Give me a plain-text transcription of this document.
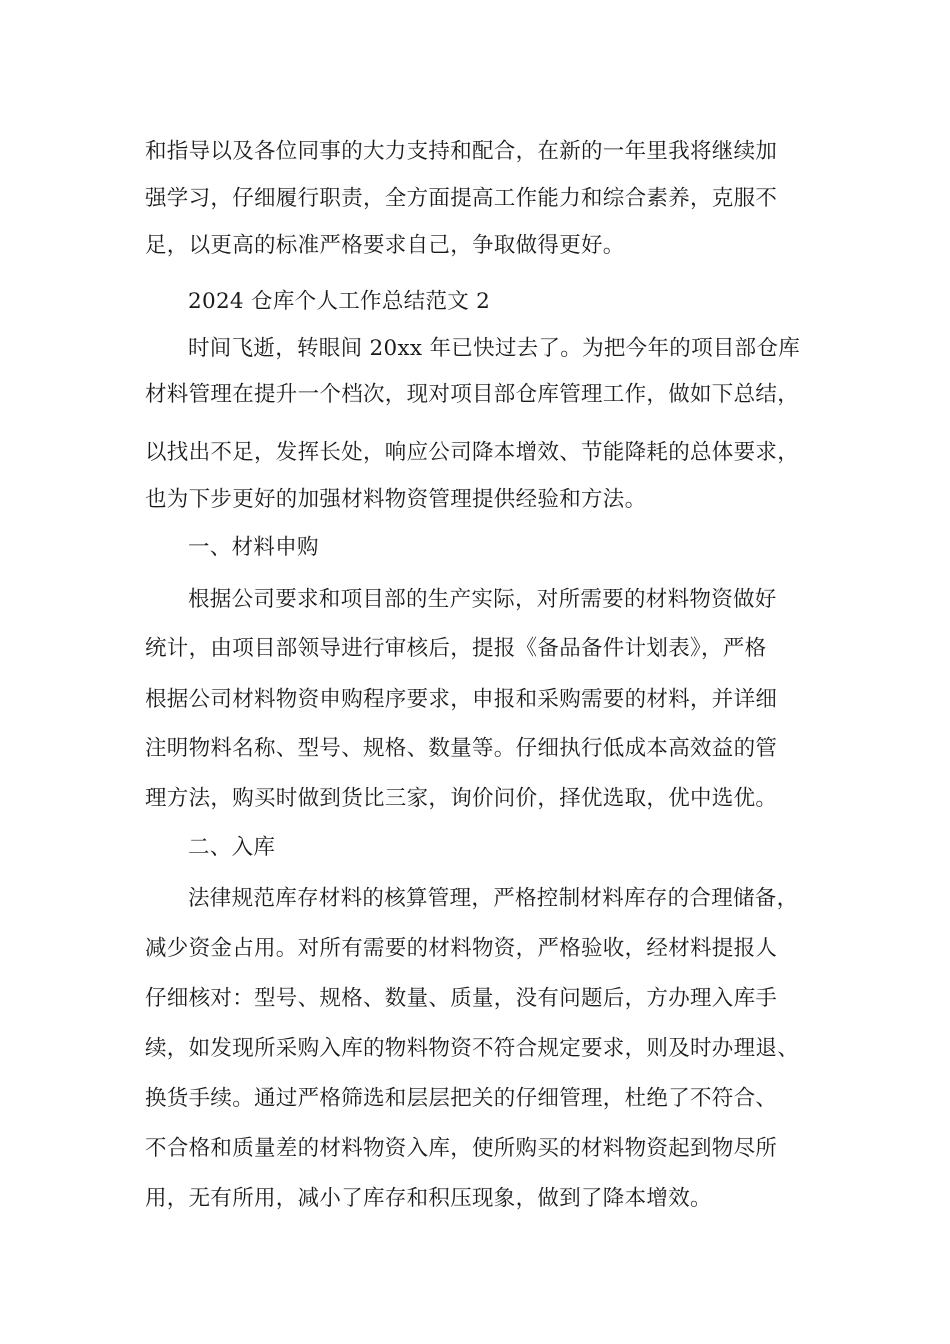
和指导以及各位同事的大力支持和配合，在新的一年里我将继续加
强学习，仔细履行职责，全方面提高工作能力和综合素养，克服不
足，以更高的标准严格要求自己，争取做得更好。
2024 仓库个人工作总结范文 2
时间飞逝，转眼间 20xx 年已快过去了。为把今年的项目部仓库
材料管理在提升一个档次，现对项目部仓库管理工作，做如下总结，
以找出不足，发挥长处，响应公司降本增效、节能降耗的总体要求，
也为下步更好的加强材料物资管理提供经验和方法。
一、材料申购
根据公司要求和项目部的生产实际，对所需要的材料物资做好
统计，由项目部领导进行审核后，提报《备品备件计划表》，严格
根据公司材料物资申购程序要求，申报和采购需要的材料，并详细
注明物料名称、型号、规格、数量等。仔细执行低成本高效益的管
理方法，购买时做到货比三家，询价问价，择优选取，优中选优。
二、入库
法律规范库存材料的核算管理，严格控制材料库存的合理储备，
减少资金占用。对所有需要的材料物资，严格验收，经材料提报人
仔细核对：型号、规格、数量、质量，没有问题后，方办理入库手
续，如发现所采购入库的物料物资不符合规定要求，则及时办理退、
换货手续。通过严格筛选和层层把关的仔细管理，杜绝了不符合、
不合格和质量差的材料物资入库，使所购买的材料物资起到物尽所
用，无有所用，减小了库存和积压现象，做到了降本增效。
